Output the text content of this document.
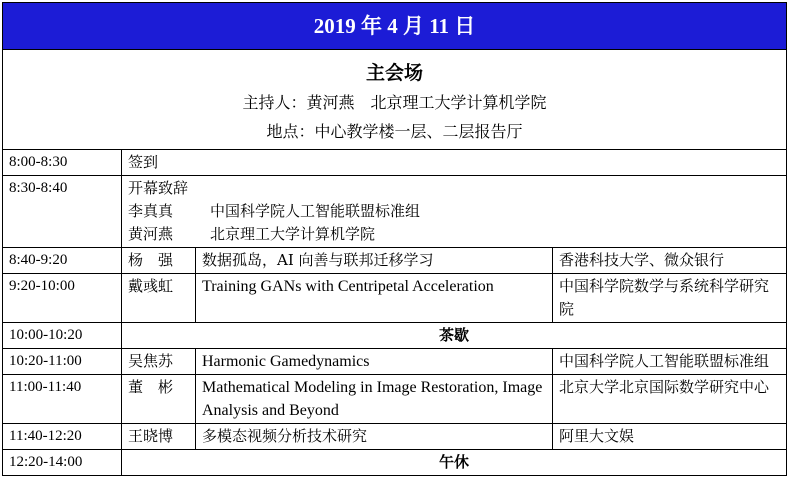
2019 年 4 月 11 日			

主会场
主持人：黄河燕　北京理工大学计算机学院
地点：中心教学楼一层、二层报告厅			

8:00-8:30	签到		
8:30-8:40	开幕致辞
李真真 中国科学院人工智能联盟标准组
黄河燕 北京理工大学计算机学院		

8:40-9:20	杨　强	数据孤岛，AI 向善与联邦迁移学习	香港科技大学、微众银行
9:20-10:00	戴彧虹	Training GANs with Centripetal Acceleration	中国科学院数学与系统科学研究院
10:00-10:20	茶歇		
10:20-11:00	吴焦苏	Harmonic Gamedynamics	中国科学院人工智能联盟标准组
11:00-11:40	董　彬	Mathematical Modeling in Image Restoration, Image Analysis and Beyond	北京大学北京国际数学研究中心
11:40-12:20	王晓博	多模态视频分析技术研究	阿里大文娱
12:20-14:00	午休		
